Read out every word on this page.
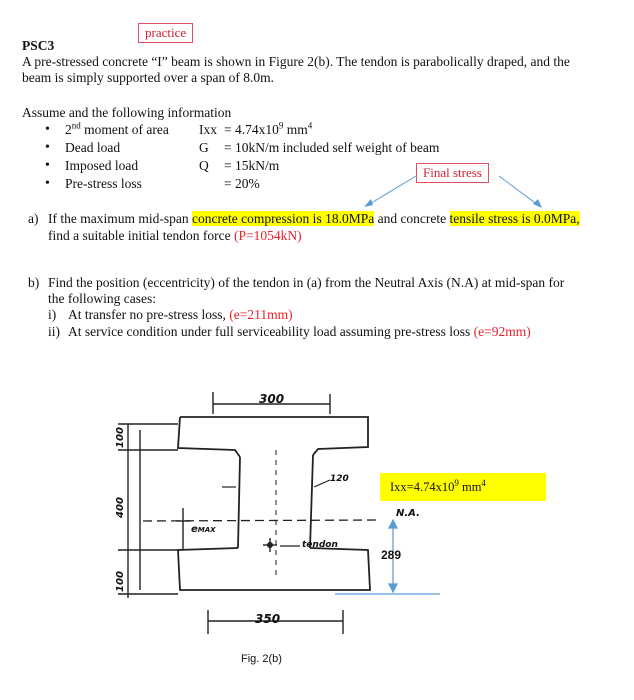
practice
PSC3
A pre-stressed concrete “I” beam is shown in Figure 2(b). The tendon is parabolically draped, and the
beam is simply supported over a span of 8.0m.
Assume and the following information
• 2nd moment of area Ixx = $4.74x10^9$ $mm^4$
• Dead load	G = 10kN/m included self weight of beam
• Imposed load	Q = 15kN/m
• Pre-stress loss	= 20%
Final stress
a) If the maximum mid-span concrete compression is 18.0MPa and concrete tensile stress is 0.0MPa,
find a suitable initial tendon force (P=1054kN)
b) Find the position (eccentricity) of the tendon in (a) from the Neutral Axis (N.A) at mid-span for
the following cases:
i) At transfer no pre-stress loss, (e=211mm)
ii) At service condition under full serviceability load assuming pre-stress loss (e=92mm)
300
350
100
400
100
120
eMAX
tendon
N.A.
289
$Ixx=4.74x10^9$ $mm^4$
Fig. 2(b)
